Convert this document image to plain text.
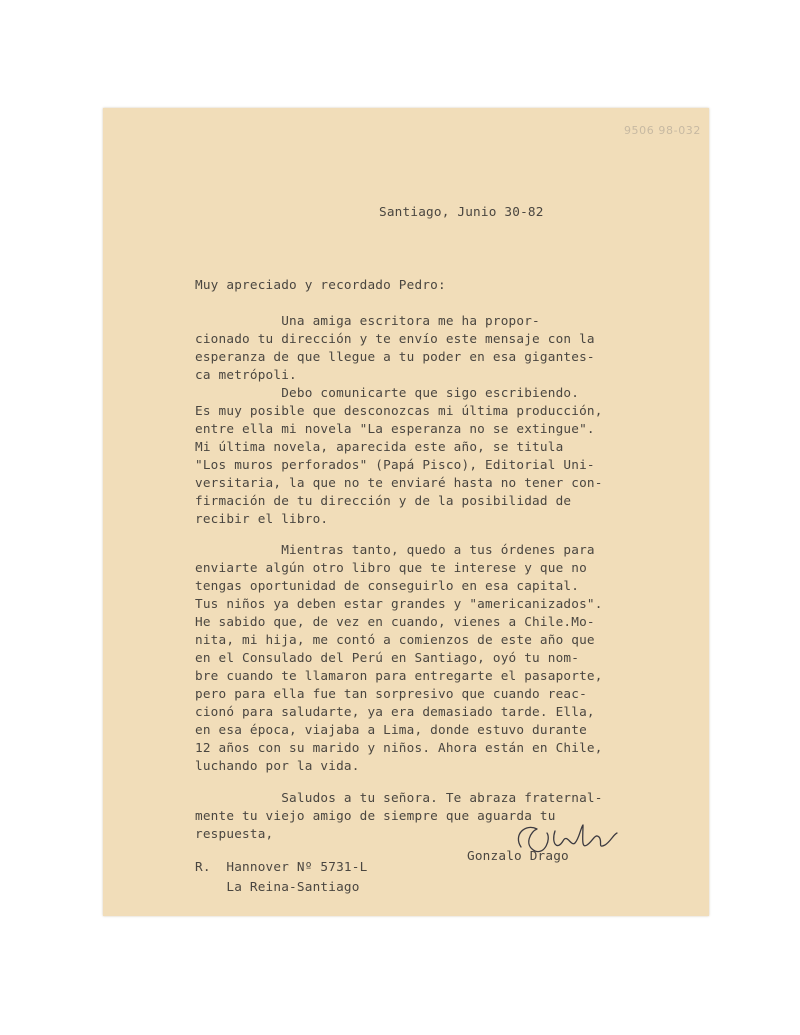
9506 98-032
Santiago, Junio 30-82
Muy apreciado y recordado Pedro:
Una amiga escritora me ha propor-
cionado tu dirección y te envío este mensaje con la
esperanza de que llegue a tu poder en esa gigantes-
ca metrópoli.
Debo comunicarte que sigo escribiendo.
Es muy posible que desconozcas mi última producción,
entre ella mi novela "La esperanza no se extingue".
Mi última novela, aparecida este año, se titula
"Los muros perforados" (Papá Pisco), Editorial Uni-
versitaria, la que no te enviaré hasta no tener con-
firmación de tu dirección y de la posibilidad de
recibir el libro.
Mientras tanto, quedo a tus órdenes para
enviarte algún otro libro que te interese y que no
tengas oportunidad de conseguirlo en esa capital.
Tus niños ya deben estar grandes y "americanizados".
He sabido que, de vez en cuando, vienes a Chile.Mo-
nita, mi hija, me contó a comienzos de este año que
en el Consulado del Perú en Santiago, oyó tu nom-
bre cuando te llamaron para entregarte el pasaporte,
pero para ella fue tan sorpresivo que cuando reac-
cionó para saludarte, ya era demasiado tarde. Ella,
en esa época, viajaba a Lima, donde estuvo durante
12 años con su marido y niños. Ahora están en Chile,
luchando por la vida.
Saludos a tu señora. Te abraza fraternal-
mente tu viejo amigo de siempre que aguarda tu
respuesta,
Gonzalo Drago
R.  Hannover Nº 5731-L
La Reina-Santiago
